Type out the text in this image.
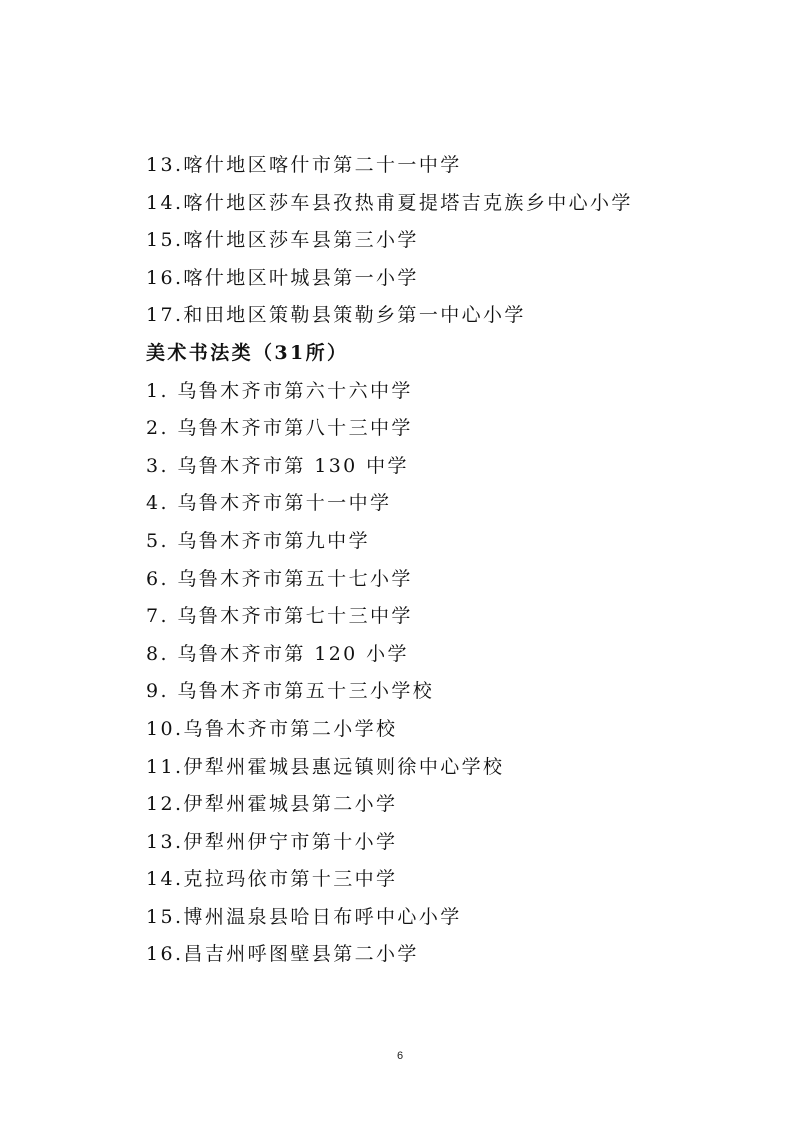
13.喀什地区喀什市第二十一中学
14.喀什地区莎车县孜热甫夏提塔吉克族乡中心小学
15.喀什地区莎车县第三小学
16.喀什地区叶城县第一小学
17.和田地区策勒县策勒乡第一中心小学
美术书法类（31所）
1. 乌鲁木齐市第六十六中学
2. 乌鲁木齐市第八十三中学
3. 乌鲁木齐市第 130 中学
4. 乌鲁木齐市第十一中学
5. 乌鲁木齐市第九中学
6. 乌鲁木齐市第五十七小学
7. 乌鲁木齐市第七十三中学
8. 乌鲁木齐市第 120 小学
9. 乌鲁木齐市第五十三小学校
10.乌鲁木齐市第二小学校
11.伊犁州霍城县惠远镇则徐中心学校
12.伊犁州霍城县第二小学
13.伊犁州伊宁市第十小学
14.克拉玛依市第十三中学
15.博州温泉县哈日布呼中心小学
16.昌吉州呼图壁县第二小学
6
